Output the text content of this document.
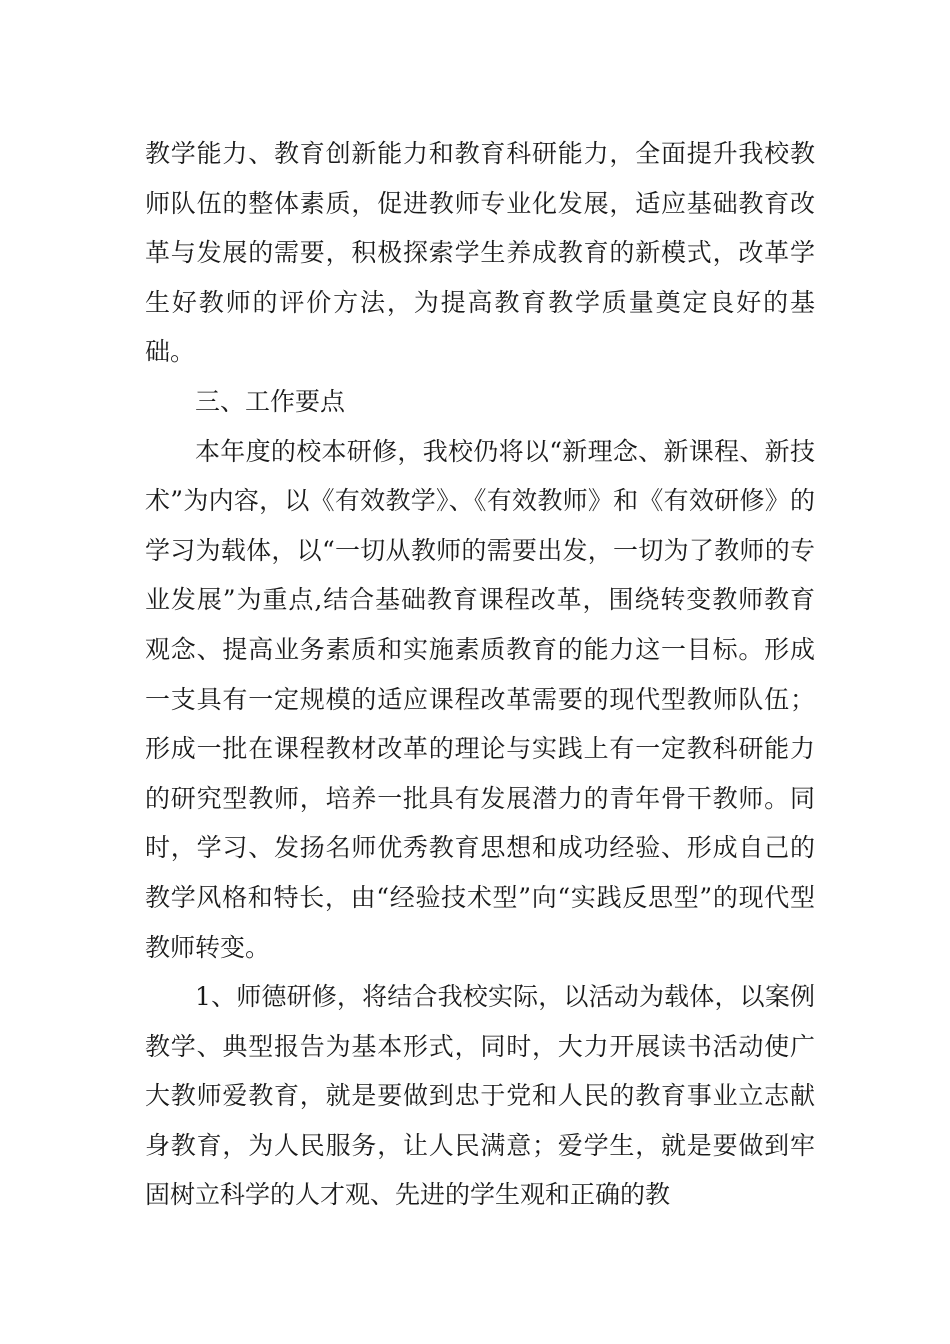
教学能力、教育创新能力和教育科研能力，全面提升我校教师队伍的整体素质，促进教师专业化发展，适应基础教育改革与发展的需要，积极探索学生养成教育的新模式，改革学生好教师的评价方法，为提高教育教学质量奠定良好的基础。

三、工作要点

本年度的校本研修，我校仍将以“新理念、新课程、新技术”为内容，以《有效教学》、《有效教师》和《有效研修》的学习为载体，以“一切从教师的需要出发，一切为了教师的专业发展”为重点,结合基础教育课程改革，围绕转变教师教育观念、提高业务素质和实施素质教育的能力这一目标。形成一支具有一定规模的适应课程改革需要的现代型教师队伍；形成一批在课程教材改革的理论与实践上有一定教科研能力的研究型教师，培养一批具有发展潜力的青年骨干教师。同时，学习、发扬名师优秀教育思想和成功经验、形成自己的教学风格和特长，由“经验技术型”向“实践反思型”的现代型教师转变。

1、师德研修，将结合我校实际，以活动为载体，以案例教学、典型报告为基本形式，同时，大力开展读书活动使广大教师爱教育，就是要做到忠于党和人民的教育事业立志献身教育，为人民服务，让人民满意；爱学生，就是要做到牢固树立科学的人才观、先进的学生观和正确的教
